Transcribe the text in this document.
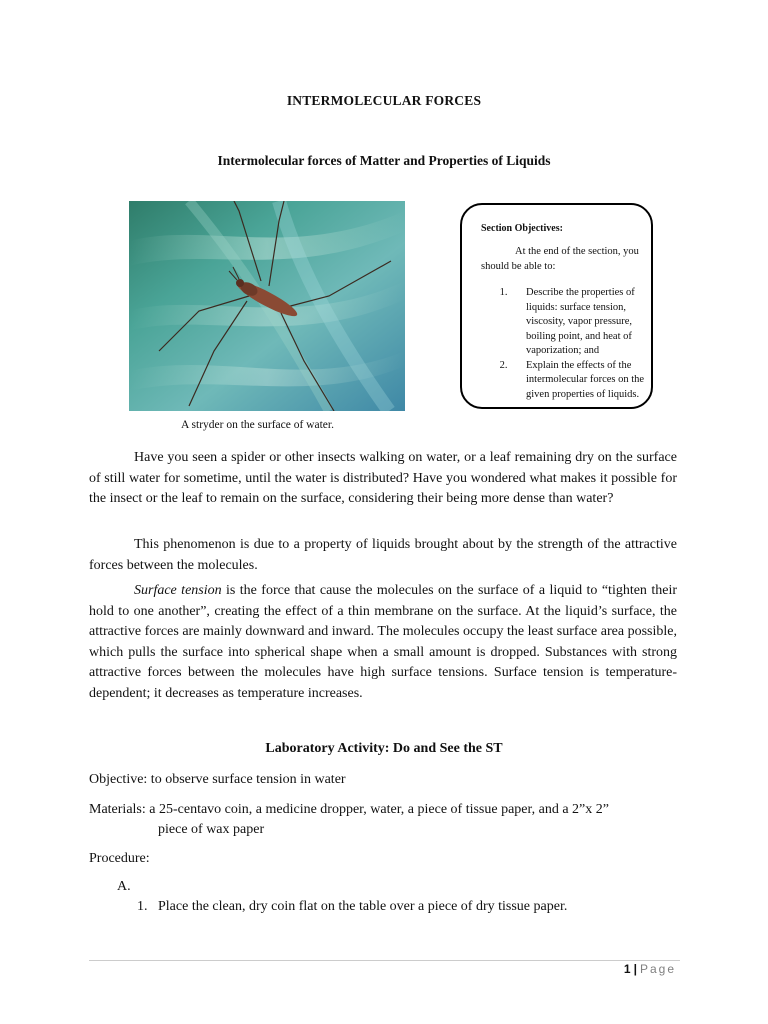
INTERMOLECULAR FORCES
Intermolecular forces of Matter and Properties of Liquids
A stryder on the surface of water.
Section Objectives:
At the end of the section, you should be able to:
1.	Describe the properties of liquids: surface tension, viscosity, vapor pressure, boiling point, and heat of vaporization; and
2.	Explain the effects of the intermolecular forces on the given properties of liquids.

Have you seen a spider or other insects walking on water, or a leaf remaining dry on the surface of still water for sometime, until the water is distributed? Have you wondered what makes it possible for the insect or the leaf to remain on the surface, considering their being more dense than water?

This phenomenon is due to a property of liquids brought about by the strength of the attractive forces between the molecules.

Surface tension is the force that cause the molecules on the surface of a liquid to “tighten their hold to one another”, creating the effect of a thin membrane on the surface. At the liquid’s surface, the attractive forces are mainly downward and inward. The molecules occupy the least surface area possible, which pulls the surface into spherical shape when a small amount is dropped. Substances with strong attractive forces between the molecules have high surface tensions. Surface tension is temperature-dependent; it decreases as temperature increases.

Laboratory Activity: Do and See the ST
Objective: to observe surface tension in water
Materials: a 25-centavo coin, a medicine dropper, water, a piece of tissue paper, and a 2”x 2”
piece of wax paper
Procedure:
A.
1. Place the clean, dry coin flat on the table over a piece of dry tissue paper.
1 | Page
